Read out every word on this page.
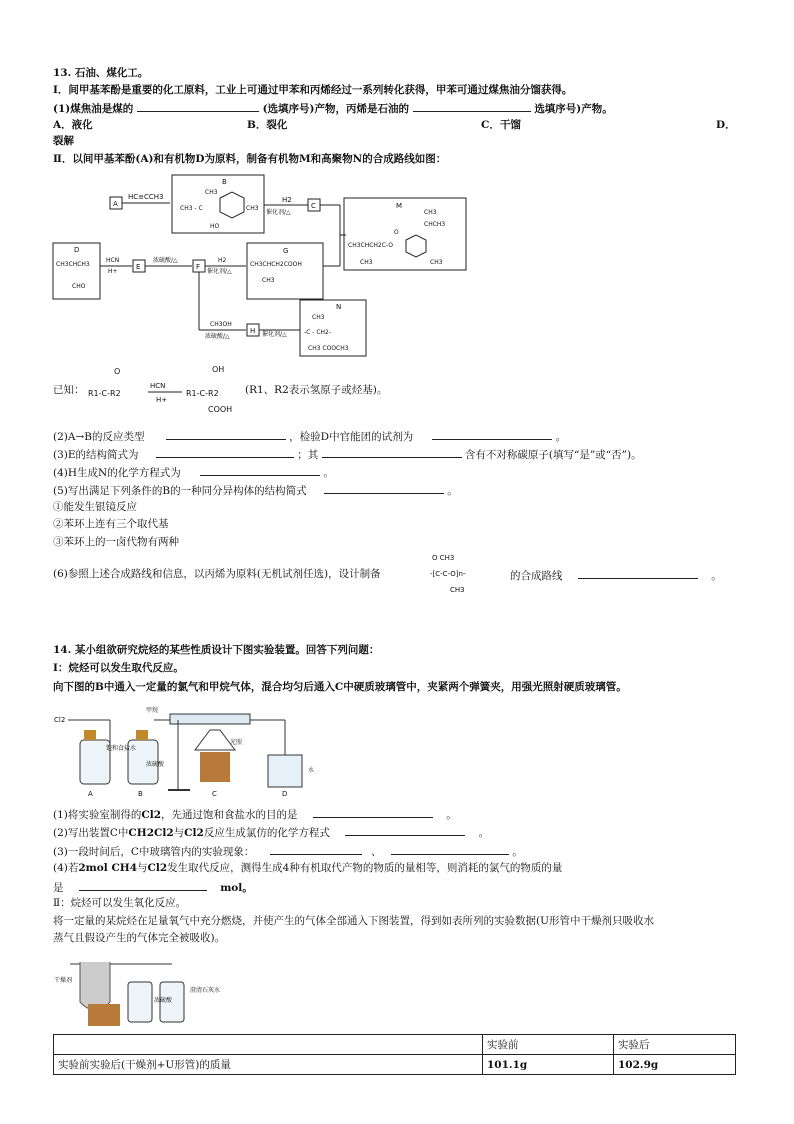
13. 石油、煤化工。
Ⅰ．间甲基苯酚是重要的化工原料，工业上可通过甲苯和丙烯经过一系列转化获得，甲苯可通过煤焦油分馏获得。
(1)煤焦油是煤的	(选填序号)产物，丙烯是石油的	选填序号)产物。
A．液化	B．裂化	C．干馏	D．
裂解
Ⅱ．以间甲基苯酚(A)和有机物D为原料，制备有机物M和高聚物N的合成路线如图：
A
HC≡CCH3
B
CH3
CH3 - C	CH3
HO
H2
催化剂/△
C
D
CH3CHCH3
CHO
HCN
H+
E
浓硫酸/△
F
H2
催化剂/△
G
CH3CHCH2COOH
CH3
M
CH3
CHCH3
O
CH3CHCH2C-O
CH3	CH3
CH3OH
浓硫酸/△
H 催化剂/△
N
CH3
-C - CH2-
CH3 COOCH3
已知：
O
R1-C-R2
HCN
H+
OH
R1-C-R2
COOH
(R1、R2表示氢原子或烃基)。
(2)A→B的反应类型	，检验D中官能团的试剂为	。
(3)E的结构简式为	；其	含有不对称碳原子(填写“是”或“否”)。
(4)H生成N的化学方程式为	。
(5)写出满足下列条件的B的一种同分异构体的结构简式	。
①能发生银镜反应
②苯环上连有三个取代基
③苯环上的一卤代物有两种
(6)参照上述合成路线和信息，以丙烯为原料(无机试剂任选)，设计制备
O CH3
-[C-C-O]n-
CH3
的合成路线	。
14. 某小组欲研究烷烃的某些性质设计下图实验装置。回答下列问题：
Ⅰ：烷烃可以发生取代反应。
向下图的B中通入一定量的氯气和甲烷气体，混合均匀后通入C中硬质玻璃管中，夹紧两个弹簧夹，用强光照射硬质玻璃管。
Cl2
饱和食盐水
浓硫酸
甲烷
光照
水
A	B	C	D
(1)将实验室制得的Cl2，先通过饱和食盐水的目的是	。
(2)写出装置C中CH2Cl2与Cl2反应生成氯仿的化学方程式	。
(3)一段时间后，C中玻璃管内的实验现象：	、	。
(4)若2mol CH4与Cl2发生取代反应，测得生成4种有机取代产物的物质的量相等，则消耗的氯气的物质的量
是	mol。
Ⅱ：烷烃可以发生氧化反应。
将一定量的某烷烃在足量氧气中充分燃烧，并使产生的气体全部通入下图装置，得到如表所列的实验数据(U形管中干燥剂只吸收水
蒸气且假设产生的气体完全被吸收)。
干燥剂
浓硫酸
澄清石灰水
	实验前	实验后
实验前实验后(干燥剂+U形管)的质量	101.1g	102.9g
